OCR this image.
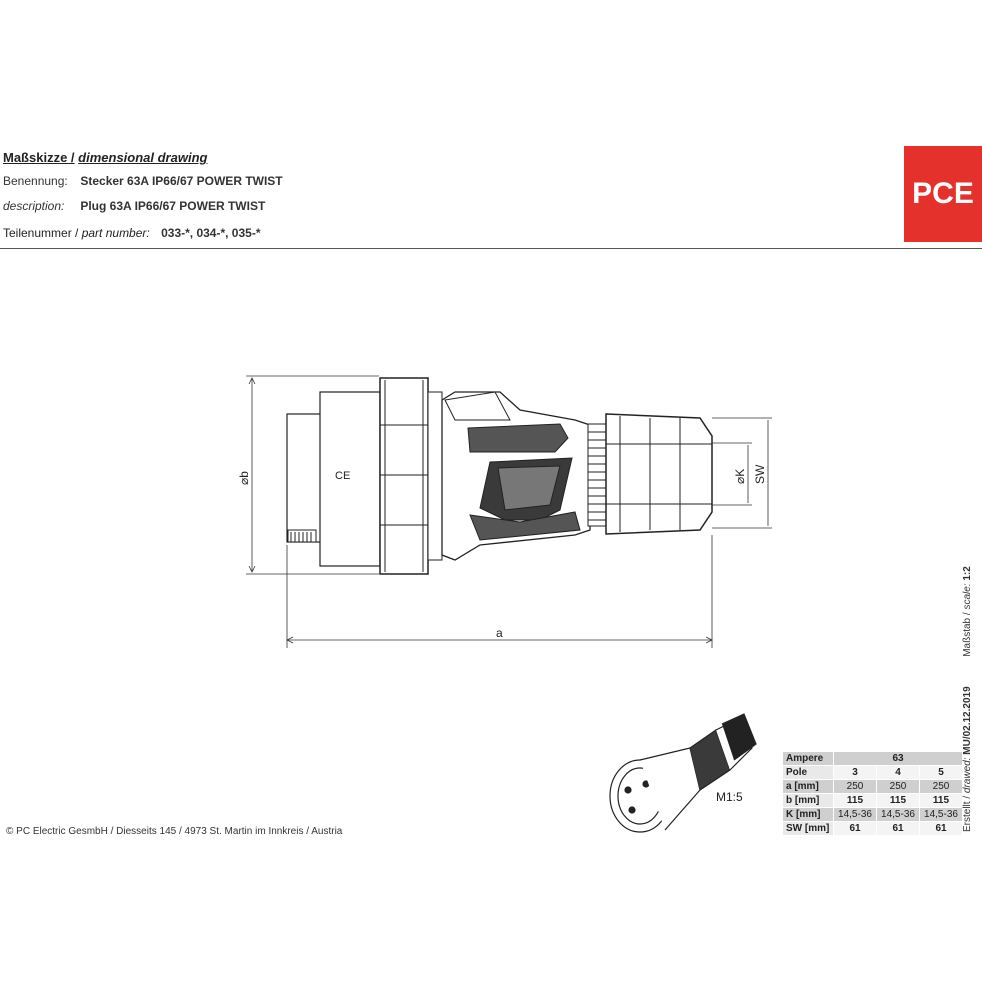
Maßskizze / dimensional drawing
Benennung: Stecker 63A IP66/67 POWER TWIST
description: Plug 63A IP66/67 POWER TWIST
Teilenummer / part number: 033-*, 034-*, 035-*
PCE
a
⌀b	⌀K SW
CE
M1:5
Ampere	63		
Pole	3	4	5
a [mm]	250	250	250
b [mm]	115	115	115
K [mm]	14,5-36	14,5-36	14,5-36
SW [mm]	61	61	61
© PC Electric GesmbH / Diesseits 145 / 4973 St. Martin im Innkreis / Austria	Erstellt / drawed: MU/02.12.2019  Maßstab / scale: 1:2
